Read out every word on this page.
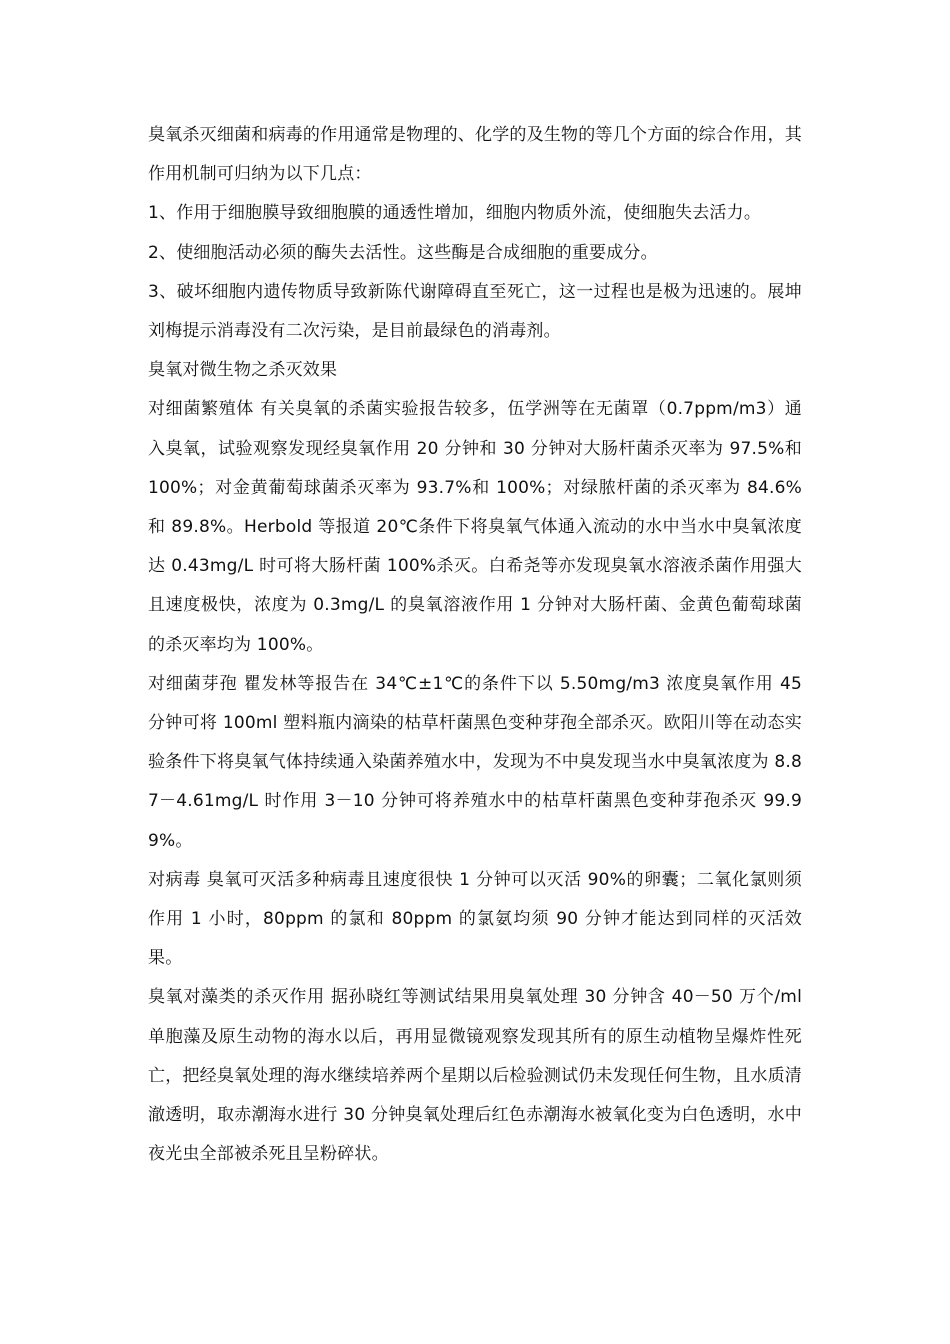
臭氧杀灭细菌和病毒的作用通常是物理的、化学的及生物的等几个方面的综合作用，其作用机制可归纳为以下几点：

1、作用于细胞膜导致细胞膜的通透性增加，细胞内物质外流，使细胞失去活力。

2、使细胞活动必须的酶失去活性。这些酶是合成细胞的重要成分。

3、破坏细胞内遗传物质导致新陈代谢障碍直至死亡，这一过程也是极为迅速的。展坤刘梅提示消毒没有二次污染，是目前最绿色的消毒剂。

臭氧对微生物之杀灭效果

对细菌繁殖体 有关臭氧的杀菌实验报告较多，伍学洲等在无菌罩（0.7ppm/m3）通入臭氧，试验观察发现经臭氧作用 20 分钟和 30 分钟对大肠杆菌杀灭率为 97.5%和 100%；对金黄葡萄球菌杀灭率为 93.7%和 100%；对绿脓杆菌的杀灭率为 84.6%和 89.8%。Herbold 等报道 20℃条件下将臭氧气体通入流动的水中当水中臭氧浓度达 0.43mg/L 时可将大肠杆菌 100%杀灭。白希尧等亦发现臭氧水溶液杀菌作用强大且速度极快，浓度为 0.3mg/L 的臭氧溶液作用 1 分钟对大肠杆菌、金黄色葡萄球菌的杀灭率均为 100%。

对细菌芽孢 瞿发林等报告在 34℃±1℃的条件下以 5.50mg/m3 浓度臭氧作用 45 分钟可将 100ml 塑料瓶内滴染的枯草杆菌黑色变种芽孢全部杀灭。欧阳川等在动态实验条件下将臭氧气体持续通入染菌养殖水中，发现为不中臭发现当水中臭氧浓度为 8.87－4.61mg/L 时作用 3－10 分钟可将养殖水中的枯草杆菌黑色变种芽孢杀灭 99.99%。

对病毒 臭氧可灭活多种病毒且速度很快 1 分钟可以灭活 90%的卵囊；二氧化氯则须作用 1 小时，80ppm 的氯和 80ppm 的氯氨均须 90 分钟才能达到同样的灭活效果。

臭氧对藻类的杀灭作用 据孙晓红等测试结果用臭氧处理 30 分钟含 40－50 万个/ml 单胞藻及原生动物的海水以后，再用显微镜观察发现其所有的原生动植物呈爆炸性死亡，把经臭氧处理的海水继续培养两个星期以后检验测试仍未发现任何生物，且水质清澈透明，取赤潮海水进行 30 分钟臭氧处理后红色赤潮海水被氧化变为白色透明，水中夜光虫全部被杀死且呈粉碎状。
